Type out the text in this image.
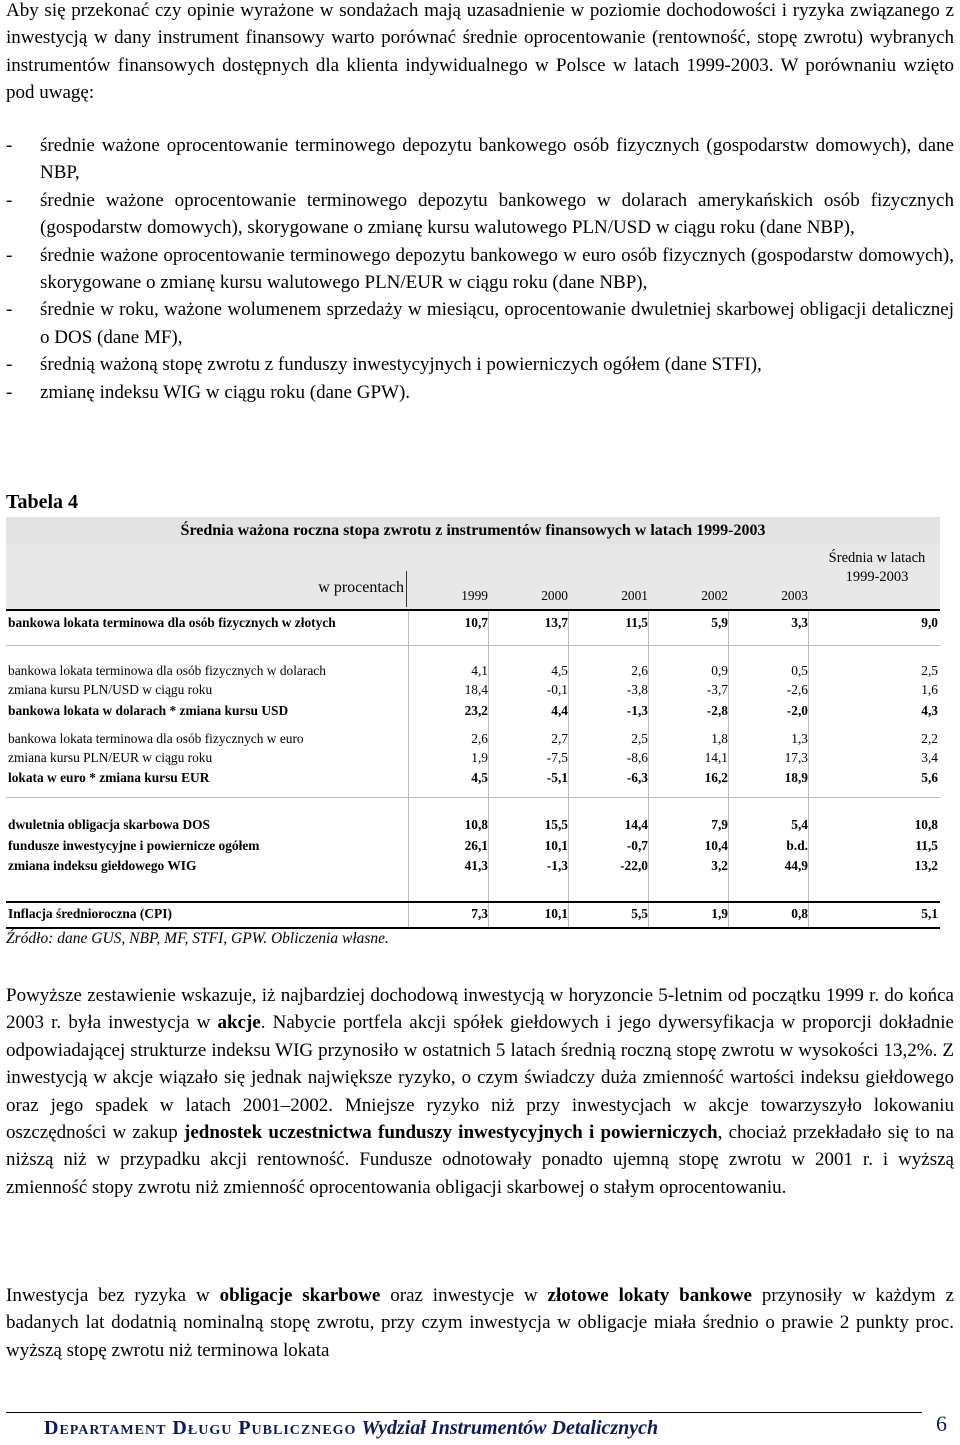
Aby się przekonać czy opinie wyrażone w sondażach mają uzasadnienie w poziomie dochodowości i ryzyka związanego z inwestycją w dany instrument finansowy warto porównać średnie oprocentowanie (rentowność, stopę zwrotu) wybranych instrumentów finansowych dostępnych dla klienta indywidualnego w Polsce w latach 1999-2003. W porównaniu wzięto pod uwagę:
- średnie ważone oprocentowanie terminowego depozytu bankowego osób fizycznych (gospodarstw domowych), dane NBP,
- średnie ważone oprocentowanie terminowego depozytu bankowego w dolarach amerykańskich osób fizycznych (gospodarstw domowych), skorygowane o zmianę kursu walutowego PLN/USD w ciągu roku (dane NBP),
- średnie ważone oprocentowanie terminowego depozytu bankowego w euro osób fizycznych (gospodarstw domowych), skorygowane o zmianę kursu walutowego PLN/EUR w ciągu roku (dane NBP),
- średnie w roku, ważone wolumenem sprzedaży w miesiącu, oprocentowanie dwuletniej skarbowej obligacji detalicznej o DOS (dane MF),
- średnią ważoną stopę zwrotu z funduszy inwestycyjnych i powierniczych ogółem (dane STFI),
- zmianę indeksu WIG w ciągu roku (dane GPW).
Tabela 4
Średnia ważona roczna stopa zwrotu z instrumentów finansowych w latach 1999-2003
w procentach	1999	2000	2001	2002	2003
Średnia w latach
1999-2003
bankowa lokata terminowa dla osób fizycznych w złotych	10,7	13,7	11,5	5,9	3,3	9,0
bankowa lokata terminowa dla osób fizycznych w dolarach	4,1	4,5	2,6	0,9	0,5	2,5
zmiana kursu PLN/USD w ciągu roku	18,4	-0,1	-3,8	-3,7	-2,6	1,6
bankowa lokata w dolarach * zmiana kursu USD	23,2	4,4	-1,3	-2,8	-2,0	4,3
bankowa lokata terminowa dla osób fizycznych w euro	2,6	2,7	2,5	1,8	1,3	2,2
zmiana kursu PLN/EUR w ciągu roku	1,9	-7,5	-8,6	14,1	17,3	3,4
lokata w euro * zmiana kursu EUR	4,5	-5,1	-6,3	16,2	18,9	5,6
dwuletnia obligacja skarbowa DOS	10,8	15,5	14,4	7,9	5,4	10,8
fundusze inwestycyjne i powiernicze ogółem	26,1	10,1	-0,7	10,4	b.d.	11,5
zmiana indeksu giełdowego WIG	41,3	-1,3	-22,0	3,2	44,9	13,2
Inflacja średnioroczna (CPI)	7,3	10,1	5,5	1,9	0,8	5,1
Źródło: dane GUS, NBP, MF, STFI, GPW. Obliczenia własne.

Powyższe zestawienie wskazuje, iż najbardziej dochodową inwestycją w horyzoncie 5-letnim od początku 1999 r. do końca 2003 r. była inwestycja w akcje. Nabycie portfela akcji spółek giełdowych i jego dywersyfikacja w proporcji dokładnie odpowiadającej strukturze indeksu WIG przynosiło w ostatnich 5 latach średnią roczną stopę zwrotu w wysokości 13,2%. Z inwestycją w akcje wiązało się jednak największe ryzyko, o czym świadczy duża zmienność wartości indeksu giełdowego oraz jego spadek w latach 2001–2002. Mniejsze ryzyko niż przy inwestycjach w akcje towarzyszyło lokowaniu oszczędności w zakup jednostek uczestnictwa funduszy inwestycyjnych i powierniczych, chociaż przekładało się to na niższą niż w przypadku akcji rentowność. Fundusze odnotowały ponadto ujemną stopę zwrotu w 2001 r. i wyższą zmienność stopy zwrotu niż zmienność oprocentowania obligacji skarbowej o stałym oprocentowaniu.

Inwestycja bez ryzyka w obligacje skarbowe oraz inwestycje w złotowe lokaty bankowe przynosiły w każdym z badanych lat dodatnią nominalną stopę zwrotu, przy czym inwestycja w obligacje miała średnio o prawie 2 punkty proc. wyższą stopę zwrotu niż terminowa lokata

Departament Długu Publicznego Wydział Instrumentów Detalicznych	6
